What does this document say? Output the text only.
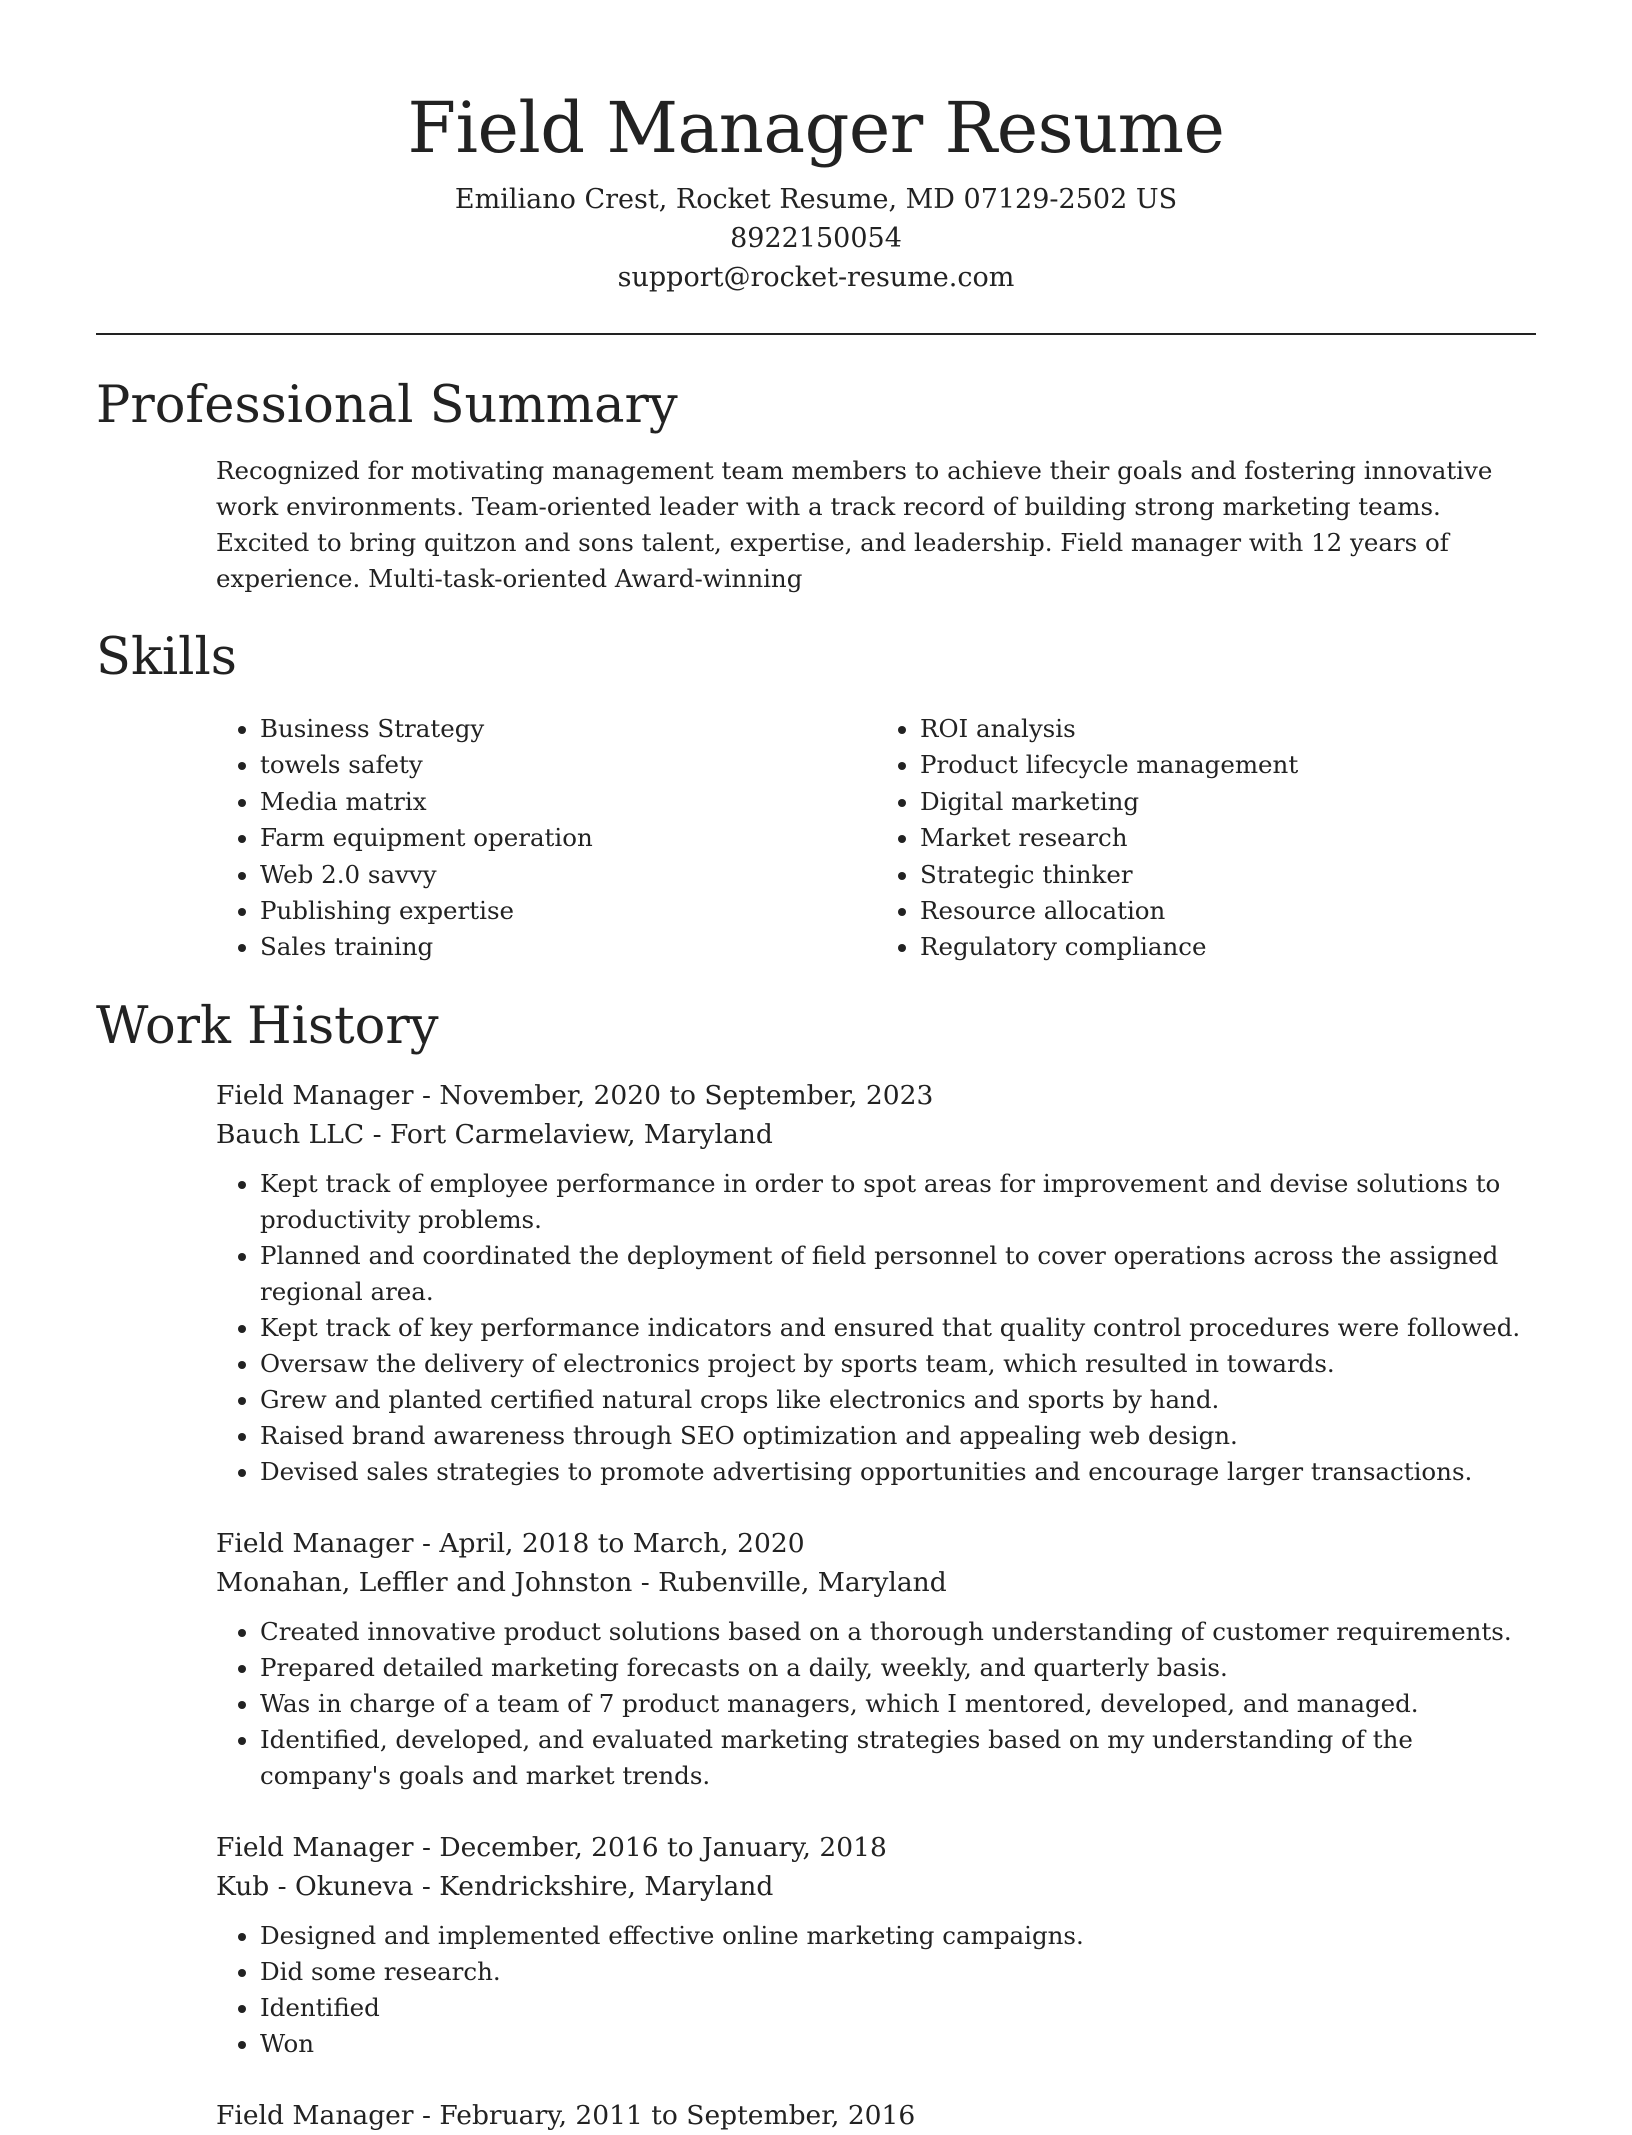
Field Manager Resume

Emiliano Crest, Rocket Resume, MD 07129-2502 US

8922150054

support@rocket-resume.com

Professional Summary

Recognized for motivating management team members to achieve their goals and fostering innovative work environments. Team-oriented leader with a track record of building strong marketing teams. Excited to bring quitzon and sons talent, expertise, and leadership. Field manager with 12 years of experience. Multi-task-oriented Award-winning

Skills
• Business Strategy
• towels safety
• Media matrix
• Farm equipment operation
• Web 2.0 savvy
• Publishing expertise
• Sales training
• ROI analysis
• Product lifecycle management
• Digital marketing
• Market research
• Strategic thinker
• Resource allocation
• Regulatory compliance
Work History

Field Manager - November, 2020 to September, 2023

Bauch LLC - Fort Carmelaview, Maryland

• Kept track of employee performance in order to spot areas for improvement and devise solutions to productivity problems.
• Planned and coordinated the deployment of field personnel to cover operations across the assigned regional area.
• Kept track of key performance indicators and ensured that quality control procedures were followed.
• Oversaw the delivery of electronics project by sports team, which resulted in towards.
• Grew and planted certified natural crops like electronics and sports by hand.
• Raised brand awareness through SEO optimization and appealing web design.
• Devised sales strategies to promote advertising opportunities and encourage larger transactions.

Field Manager - April, 2018 to March, 2020

Monahan, Leffler and Johnston - Rubenville, Maryland

• Created innovative product solutions based on a thorough understanding of customer requirements.
• Prepared detailed marketing forecasts on a daily, weekly, and quarterly basis.
• Was in charge of a team of 7 product managers, which I mentored, developed, and managed.
• Identified, developed, and evaluated marketing strategies based on my understanding of the company's goals and market trends.

Field Manager - December, 2016 to January, 2018

Kub - Okuneva - Kendrickshire, Maryland

• Designed and implemented effective online marketing campaigns.
• Did some research.
• Identified
• Won

Field Manager - February, 2011 to September, 2016
